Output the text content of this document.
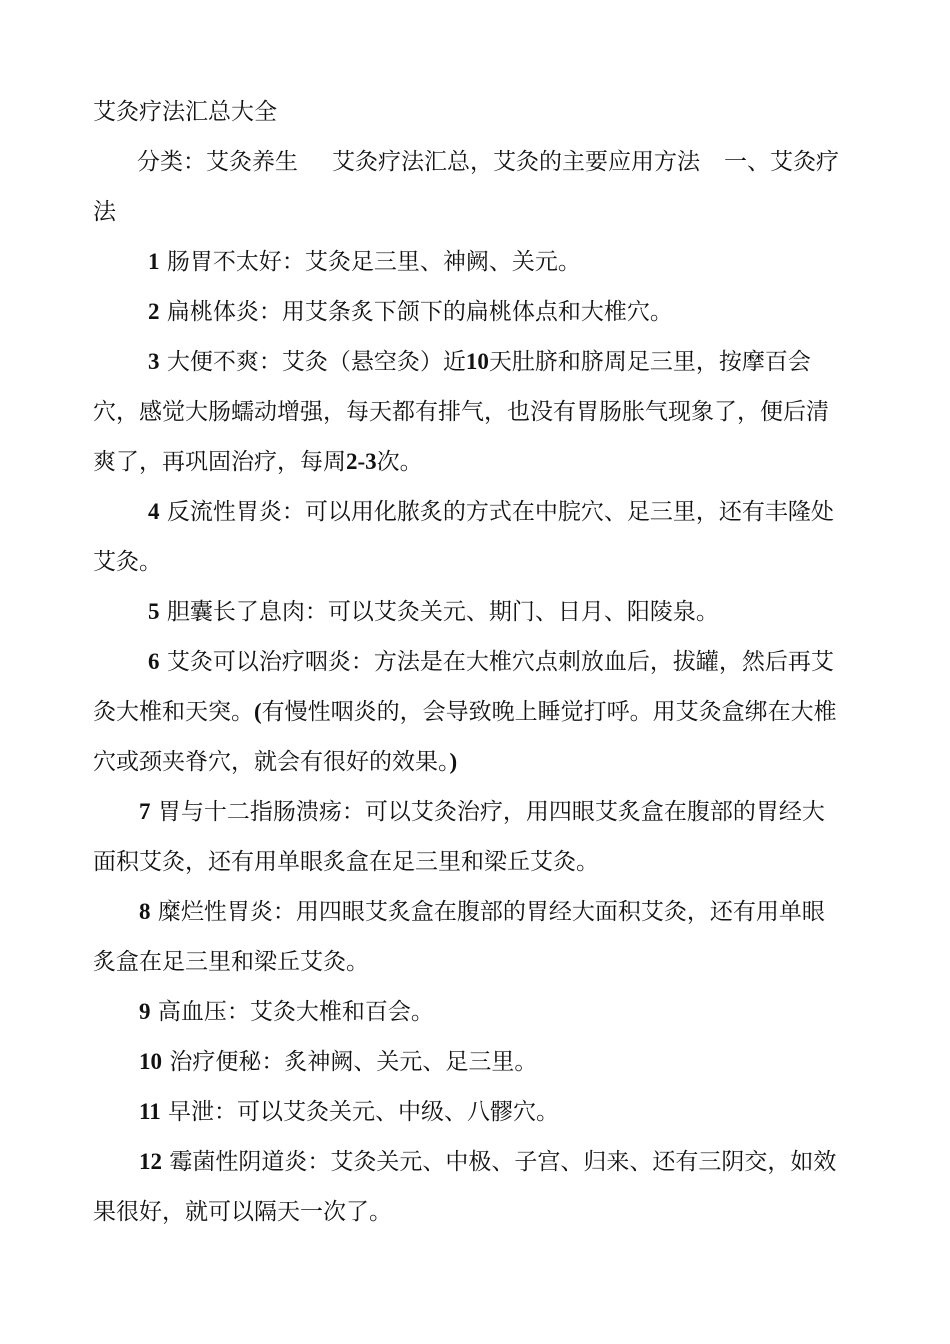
艾灸疗法汇总大全

分类：艾灸养生 艾灸疗法汇总，艾灸的主要应用方法 一、艾灸疗

法

1 肠胃不太好：艾灸足三里、神阙、关元。

2 扁桃体炎：用艾条炙下颌下的扁桃体点和大椎穴。

3 大便不爽：艾灸（悬空灸）近10天肚脐和脐周足三里，按摩百会

穴，感觉大肠蠕动增强，每天都有排气，也没有胃肠胀气现象了，便后清

爽了，再巩固治疗，每周2-3次。

4 反流性胃炎：可以用化脓炙的方式在中脘穴、足三里，还有丰隆处

艾灸。

5 胆囊长了息肉：可以艾灸关元、期门、日月、阳陵泉。

6 艾灸可以治疗咽炎：方法是在大椎穴点刺放血后，拔罐，然后再艾

灸大椎和天突。(有慢性咽炎的，会导致晚上睡觉打呼。用艾灸盒绑在大椎

穴或颈夹脊穴，就会有很好的效果。)

7 胃与十二指肠溃疡：可以艾灸治疗，用四眼艾炙盒在腹部的胃经大

面积艾灸，还有用单眼炙盒在足三里和梁丘艾灸。

8 糜烂性胃炎：用四眼艾炙盒在腹部的胃经大面积艾灸，还有用单眼

炙盒在足三里和梁丘艾灸。

9 高血压：艾灸大椎和百会。

10 治疗便秘：炙神阙、关元、足三里。

11 早泄：可以艾灸关元、中级、八髎穴。

12 霉菌性阴道炎：艾灸关元、中极、子宫、归来、还有三阴交，如效

果很好，就可以隔天一次了。
